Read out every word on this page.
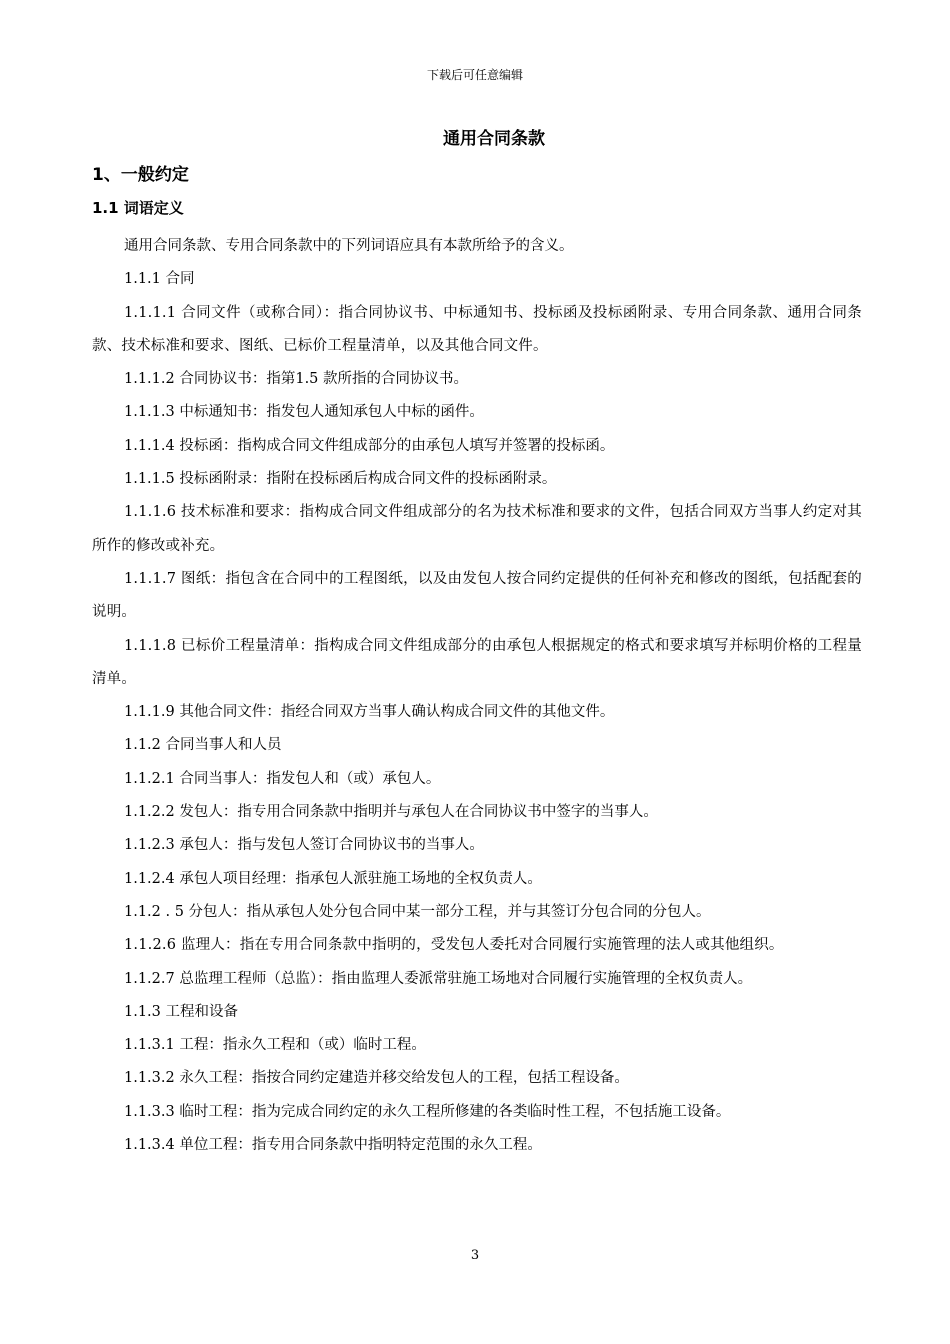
下载后可任意编辑
通用合同条款
1、一般约定
1.1 词语定义

通用合同条款、专用合同条款中的下列词语应具有本款所给予的含义。

1.1.1 合同

1.1.1.1 合同文件（或称合同）：指合同协议书、中标通知书、投标函及投标函附录、专用合同条款、通用合同条款、技术标准和要求、图纸、已标价工程量清单，以及其他合同文件。

1.1.1.2 合同协议书：指第1.5 款所指的合同协议书。

1.1.1.3 中标通知书：指发包人通知承包人中标的函件。

1.1.1.4 投标函：指构成合同文件组成部分的由承包人填写并签署的投标函。

1.1.1.5 投标函附录：指附在投标函后构成合同文件的投标函附录。

1.1.1.6 技术标准和要求：指构成合同文件组成部分的名为技术标准和要求的文件，包括合同双方当事人约定对其所作的修改或补充。

1.1.1.7 图纸：指包含在合同中的工程图纸，以及由发包人按合同约定提供的任何补充和修改的图纸，包括配套的说明。

1.1.1.8 已标价工程量清单：指构成合同文件组成部分的由承包人根据规定的格式和要求填写并标明价格的工程量清单。

1.1.1.9 其他合同文件：指经合同双方当事人确认构成合同文件的其他文件。

1.1.2 合同当事人和人员

1.1.2.1 合同当事人：指发包人和（或）承包人。

1.1.2.2 发包人：指专用合同条款中指明并与承包人在合同协议书中签字的当事人。

1.1.2.3 承包人：指与发包人签订合同协议书的当事人。

1.1.2.4 承包人项目经理：指承包人派驻施工场地的全权负责人。

1.1.2 . 5 分包人：指从承包人处分包合同中某一部分工程，并与其签订分包合同的分包人。

1.1.2.6 监理人：指在专用合同条款中指明的，受发包人委托对合同履行实施管理的法人或其他组织。

1.1.2.7 总监理工程师（总监）：指由监理人委派常驻施工场地对合同履行实施管理的全权负责人。

1.1.3 工程和设备

1.1.3.1 工程：指永久工程和（或）临时工程。

1.1.3.2 永久工程：指按合同约定建造并移交给发包人的工程，包括工程设备。

1.1.3.3 临时工程：指为完成合同约定的永久工程所修建的各类临时性工程，不包括施工设备。

1.1.3.4 单位工程：指专用合同条款中指明特定范围的永久工程。

3
